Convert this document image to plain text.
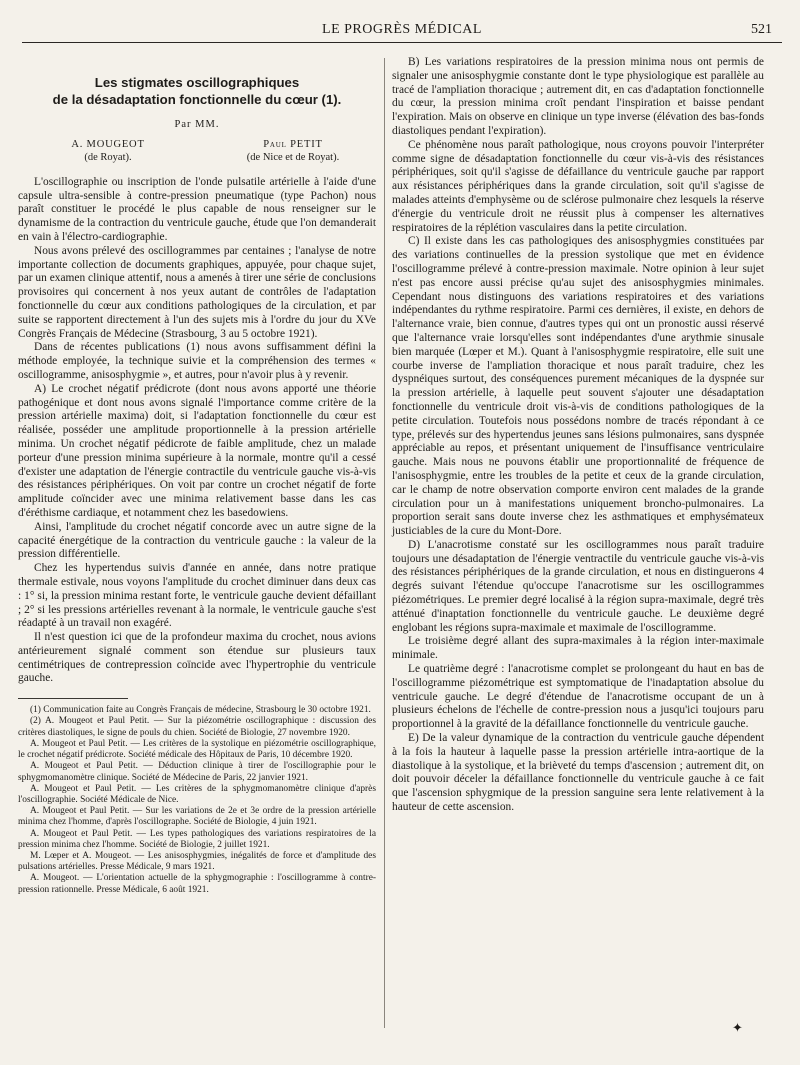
LE PROGRÈS MÉDICAL	521
Les stigmates oscillographiques
de la désadaptation fonctionnelle du cœur (1).
Par MM.
A. MOUGEOT
(de Royat).
Paul PETIT
(de Nice et de Royat).

L'oscillographie ou inscription de l'onde pulsatile artérielle à l'aide d'une capsule ultra-sensible à contre-pression pneumatique (type Pachon) nous paraît constituer le procédé le plus capable de nous renseigner sur le dynamisme de la contraction du ventricule gauche, étude que l'on demanderait en vain à l'électro-cardiographie.

Nous avons prélevé des oscillogrammes par centaines ; l'analyse de notre importante collection de documents graphiques, appuyée, pour chaque sujet, par un examen clinique attentif, nous a amenés à tirer une série de conclusions provisoires qui concernent à nos yeux autant de contrôles de l'adaptation fonctionnelle du cœur aux conditions pathologiques de la circulation, et par suite se rapportent directement à l'un des sujets mis à l'ordre du jour du XVe Congrès Français de Médecine (Strasbourg, 3 au 5 octobre 1921).

Dans de récentes publications (1) nous avons suffisamment défini la méthode employée, la technique suivie et la compréhension des termes « oscillogramme, anisosphygmie », et autres, pour n'avoir plus à y revenir.

A) Le crochet négatif prédicrote (dont nous avons apporté une théorie pathogénique et dont nous avons signalé l'importance comme critère de la pression artérielle maxima) doit, si l'adaptation fonctionnelle du cœur est réalisée, posséder une amplitude proportionnelle à la pression artérielle minima. Un crochet négatif pédicrote de faible amplitude, chez un malade porteur d'une pression minima supérieure à la normale, montre qu'il a cessé d'exister une adaptation de l'énergie contractile du ventricule gauche vis-à-vis des résistances périphériques. On voit par contre un crochet négatif de forte amplitude coïncider avec une minima relativement basse dans les cas d'éréthisme cardiaque, et notamment chez les basedowiens.

Ainsi, l'amplitude du crochet négatif concorde avec un autre signe de la capacité énergétique de la contraction du ventricule gauche : la valeur de la pression différentielle.

Chez les hypertendus suivis d'année en année, dans notre pratique thermale estivale, nous voyons l'amplitude du crochet diminuer dans deux cas : 1° si, la pression minima restant forte, le ventricule gauche devient défaillant ; 2° si les pressions artérielles revenant à la normale, le ventricule gauche s'est réadapté à un travail non exagéré.

Il n'est question ici que de la profondeur maxima du crochet, nous avions antérieurement signalé comment son étendue sur plusieurs taux centimétriques de contrepression coïncide avec l'hypertrophie du ventricule gauche.

(1) Communication faite au Congrès Français de médecine, Strasbourg le 30 octobre 1921.

(2) A. Mougeot et Paul Petit. — Sur la piézométrie oscillographique : discussion des critères diastoliques, le signe de pouls du chien. Société de Biologie, 27 novembre 1920.

A. Mougeot et Paul Petit. — Les critères de la systolique en piézométrie oscillographique, le crochet négatif prédicrote. Société médicale des Hôpitaux de Paris, 10 décembre 1920.

A. Mougeot et Paul Petit. — Déduction clinique à tirer de l'oscillographie pour le sphygmomanomètre clinique. Société de Médecine de Paris, 22 janvier 1921.

A. Mougeot et Paul Petit. — Les critères de la sphygmomanomètre clinique d'après l'oscillographie. Société Médicale de Nice.

A. Mougeot et Paul Petit. — Sur les variations de 2e et 3e ordre de la pression artérielle minima chez l'homme, d'après l'oscillographe. Société de Biologie, 4 juin 1921.

A. Mougeot et Paul Petit. — Les types pathologiques des variations respiratoires de la pression minima chez l'homme. Société de Biologie, 2 juillet 1921.

M. Lœper et A. Mougeot. — Les anisosphygmies, inégalités de force et d'amplitude des pulsations artérielles. Presse Médicale, 9 mars 1921.

A. Mougeot. — L'orientation actuelle de la sphygmographie : l'oscillogramme à contre-pression rationnelle. Presse Médicale, 6 août 1921.

B) Les variations respiratoires de la pression minima nous ont permis de signaler une anisosphygmie constante dont le type physiologique est parallèle au tracé de l'ampliation thoracique ; autrement dit, en cas d'adaptation fonctionnelle du cœur, la pression minima croît pendant l'inspiration et baisse pendant l'expiration. Mais on observe en clinique un type inverse (élévation des bas-fonds diastoliques pendant l'expiration).

Ce phénomène nous paraît pathologique, nous croyons pouvoir l'interpréter comme signe de désadaptation fonctionnelle du cœur vis-à-vis des résistances périphériques, soit qu'il s'agisse de défaillance du ventricule gauche par rapport aux résistances périphériques dans la grande circulation, soit qu'il s'agisse de malades atteints d'emphysème ou de sclérose pulmonaire chez lesquels la réserve d'énergie du ventricule droit ne réussit plus à compenser les alternatives respiratoires de la réplétion vasculaires dans la petite circulation.

C) Il existe dans les cas pathologiques des anisosphygmies constituées par des variations continuelles de la pression systolique que met en évidence l'oscillogramme prélevé à contre-pression maximale. Notre opinion à leur sujet n'est pas encore aussi précise qu'au sujet des anisosphygmies minimales. Cependant nous distinguons des variations respiratoires et des variations indépendantes du rythme respiratoire. Parmi ces dernières, il existe, en dehors de l'alternance vraie, bien connue, d'autres types qui ont un pronostic aussi réservé que l'alternance vraie lorsqu'elles sont indépendantes d'une arythmie sinusale bien marquée (Lœper et M.). Quant à l'anisosphygmie respiratoire, elle suit une courbe inverse de l'ampliation thoracique et nous paraît traduire, chez les dyspnéiques surtout, des conséquences purement mécaniques de la dyspnée sur la pression artérielle, à laquelle peut souvent s'ajouter une désadaptation fonctionnelle du ventricule droit vis-à-vis de conditions pathologiques de la petite circulation. Toutefois nous possédons nombre de tracés répondant à ce type, prélevés sur des hypertendus jeunes sans lésions pulmonaires, sans dyspnée appréciable au repos, et présentant uniquement de l'insuffisance ventriculaire gauche. Mais nous ne pouvons établir une proportionnalité de fréquence de l'anisosphygmie, entre les troubles de la petite et ceux de la grande circulation, car le champ de notre observation comporte environ cent malades de la grande circulation pour un à manifestations uniquement broncho-pulmonaires. La proportion serait sans doute inverse chez les asthmatiques et emphysémateux justiciables de la cure du Mont-Dore.

D) L'anacrotisme constaté sur les oscillogrammes nous paraît traduire toujours une désadaptation de l'énergie ventractile du ventricule gauche vis-à-vis des résistances périphériques de la grande circulation, et nous en distinguerons 4 degrés suivant l'étendue qu'occupe l'anacrotisme sur les oscillogrammes piézométriques. Le premier degré localisé à la région supra-maximale, degré très atténué d'inaptation fonctionnelle du ventricule gauche. Le deuxième degré englobant les régions supra-maximale et maximale de l'oscillogramme.

Le troisième degré allant des supra-maximales à la région inter-maximale minimale.

Le quatrième degré : l'anacrotisme complet se prolongeant du haut en bas de l'oscillogramme piézométrique est symptomatique de l'inadaptation absolue du ventricule gauche. Le degré d'étendue de l'anacrotisme occupant de un à plusieurs échelons de l'échelle de contre-pression nous a jusqu'ici toujours paru proportionnel à la gravité de la défaillance fonctionnelle du ventricule gauche.

E) De la valeur dynamique de la contraction du ventricule gauche dépendent à la fois la hauteur à laquelle passe la pression artérielle intra-aortique de la diastolique à la systolique, et la brièveté du temps d'ascension ; autrement dit, on doit pouvoir déceler la défaillance fonctionnelle du ventricule gauche à ce fait que l'ascension sphygmique de la pression sanguine sera lente relativement à la hauteur de cette ascension.

✦
